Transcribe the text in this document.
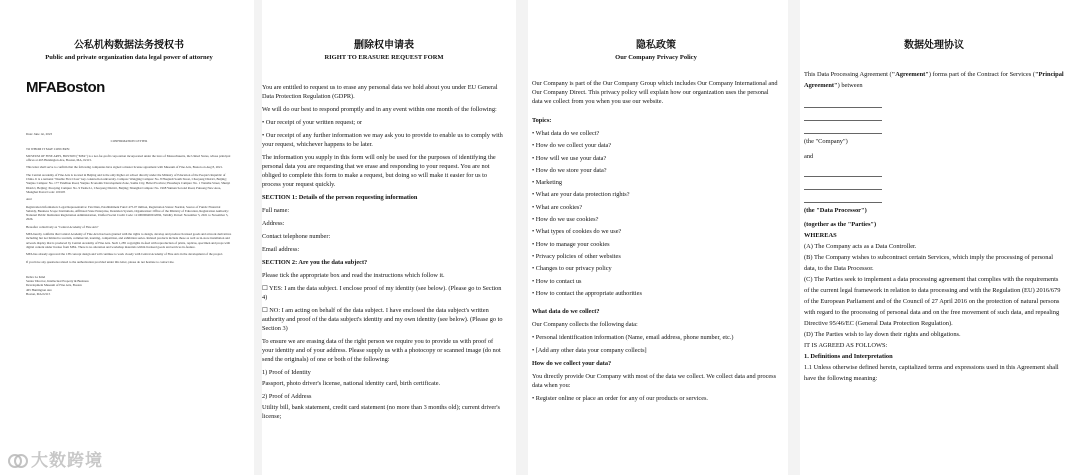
公私机构数据法务授权书

Public and private organization data legal power of attorney

MFABoston

Date: June 1st, 2023

CONFIRMATION LETTER

TO WHOM IT MAY CONCERN:

MUSEUM OF FINE ARTS, BOSTON ("MFA") is a not-for-profit corporation incorporated under the laws of Massachusetts, the United States, whose principal offices at 465 Huntington Ave, Boston, MA, 02115.

This letter shall serve to confirm that the following companies have signed a master license agreement with Museum of Fine Arts, Boston on Aug 8, 2021.

The Central Academy of Fine Arts is located in Beijing and is the only higher art school directly under the Ministry of Education of the People's Republic of China. It is a national "Double First Class" key construction university. Campus: Wangjing Campus: No. 8 Huajiadi South Street, Chaoyang District, Beijing; Yanjiao Campus: No. 177 Yandhou Road, Yanjiao Economic Development Zone, Sanhe City, Hebei Province; Houshayu Campus: No. 1 Tianzhu Street, Shunyi District, Beijing; Xiaoying Campus: No. 9 Tushe Li, Chaoyang District, Beijing; Shanghai Campus: No. 1968 Yunnan Second Road, Putuong New Area, Shanghai Postal Code: 100105

And

Registration Information: Legal Representative: Fan Dian, Establishment Fund: 475.07 million, Registration Status: Normal, Source of Funds: Financial Subsidy, Business Scope: Institutions, Affiliated State Enterprise, Detention System, Organization: Office of the Ministry of Education, Registration Authority: National Public Institution Registration Administration, Unified Social Credit Code: 12100000400012092, Validity Period: November 5, 2021 to November 5, 2026.

Hereafter collectively as "Central Academy of Fine Arts"

MFA hereby confirms that Central Academy of Fine Arts has been granted with the rights to design, develop and produce licensed goods and artwork derivatives including but not limited to tourism, commercial, learning, competition, and exhibition series. Related products include those as well as in-store installation and artwork display that is produced by Central Academy of Fine Arts. Such 1,285 copyrights in-feed with reproduction of prints, replicas, specimen and props with digital content under license from MFA. There is no alteration and workshop materials within licensed goods and services in-feature.

MFA has already approved the 138 concept design and will continue to work closely with Central Academy of Fine Arts in the development of the project.

If you have any questions related to the authorization provided under this letter, please do not hesitate to contact me.

Debra La Kind

Senior Director, Intellectual Property & Business

Development Museum of Fine Arts, Boston

465 Huntington Ave

Boston, MA 02115

删除权申请表

RIGHT TO ERASURE REQUEST FORM

You are entitled to request us to erase any personal data we hold about you under EU General Data Protection Regulation (GDPR).

We will do our best to respond promptly and in any event within one month of the following:

• Our receipt of your written request; or

• Our receipt of any further information we may ask you to provide to enable us to comply with your request, whichever happens to be later.

The information you supply in this form will only be used for the purposes of identifying the personal data you are requesting that we erase and responding to your request. You are not obliged to complete this form to make a request, but doing so will make it easier for us to process your request quickly.

SECTION 1: Details of the person requesting information

Full name:

Address:

Contact telephone number:

Email address:

SECTION 2: Are you the data subject?

Please tick the appropriate box and read the instructions which follow it.

☐ YES: I am the data subject. I enclose proof of my identity (see below). (Please go to Section 4)

☐ NO: I am acting on behalf of the data subject. I have enclosed the data subject's written authority and proof of the data subject's identity and my own identity (see below). (Please go to Section 3)

To ensure we are erasing data of the right person we require you to provide us with proof of your identity and of your address. Please supply us with a photocopy or scanned image (do not send the originals) of one or both of the following:

1) Proof of Identity

Passport, photo driver's license, national identity card, birth certificate.

2) Proof of Address

Utility bill, bank statement, credit card statement (no more than 3 months old); current driver's license;

隐私政策

Our Company Privacy Policy

Our Company is part of the Our Company Group which includes Our Company International and Our Company Direct. This privacy policy will explain how our organization uses the personal data we collect from you when you use our website.

Topics:

• What data do we collect?

• How do we collect your data?

• How will we use your data?

• How do we store your data?

• Marketing

• What are your data protection rights?

• What are cookies?

• How do we use cookies?

• What types of cookies do we use?

• How to manage your cookies

• Privacy policies of other websites

• Changes to our privacy policy

• How to contact us

• How to contact the appropriate authorities

What data do we collect?

Our Company collects the following data:

• Personal identification information (Name, email address, phone number, etc.)

• [Add any other data your company collects]

How do we collect your data?

You directly provide Our Company with most of the data we collect. We collect data and process data when you:

• Register online or place an order for any of our products or services.

数据处理协议

This Data Processing Agreement ("Agreement") forms part of the Contract for Services ("Principal Agreement") between

(the "Company")

and

(the "Data Processor")

(together as the "Parties")

WHEREAS

(A) The Company acts as a Data Controller.

(B) The Company wishes to subcontract certain Services, which imply the processing of personal data, to the Data Processor.

(C) The Parties seek to implement a data processing agreement that complies with the requirements of the current legal framework in relation to data processing and with the Regulation (EU) 2016/679 of the European Parliament and of the Council of 27 April 2016 on the protection of natural persons with regard to the processing of personal data and on the free movement of such data, and repealing Directive 95/46/EC (General Data Protection Regulation).

(D) The Parties wish to lay down their rights and obligations.

IT IS AGREED AS FOLLOWS:

1. Definitions and Interpretation

1.1 Unless otherwise defined herein, capitalized terms and expressions used in this Agreement shall have the following meaning:

大数跨境
